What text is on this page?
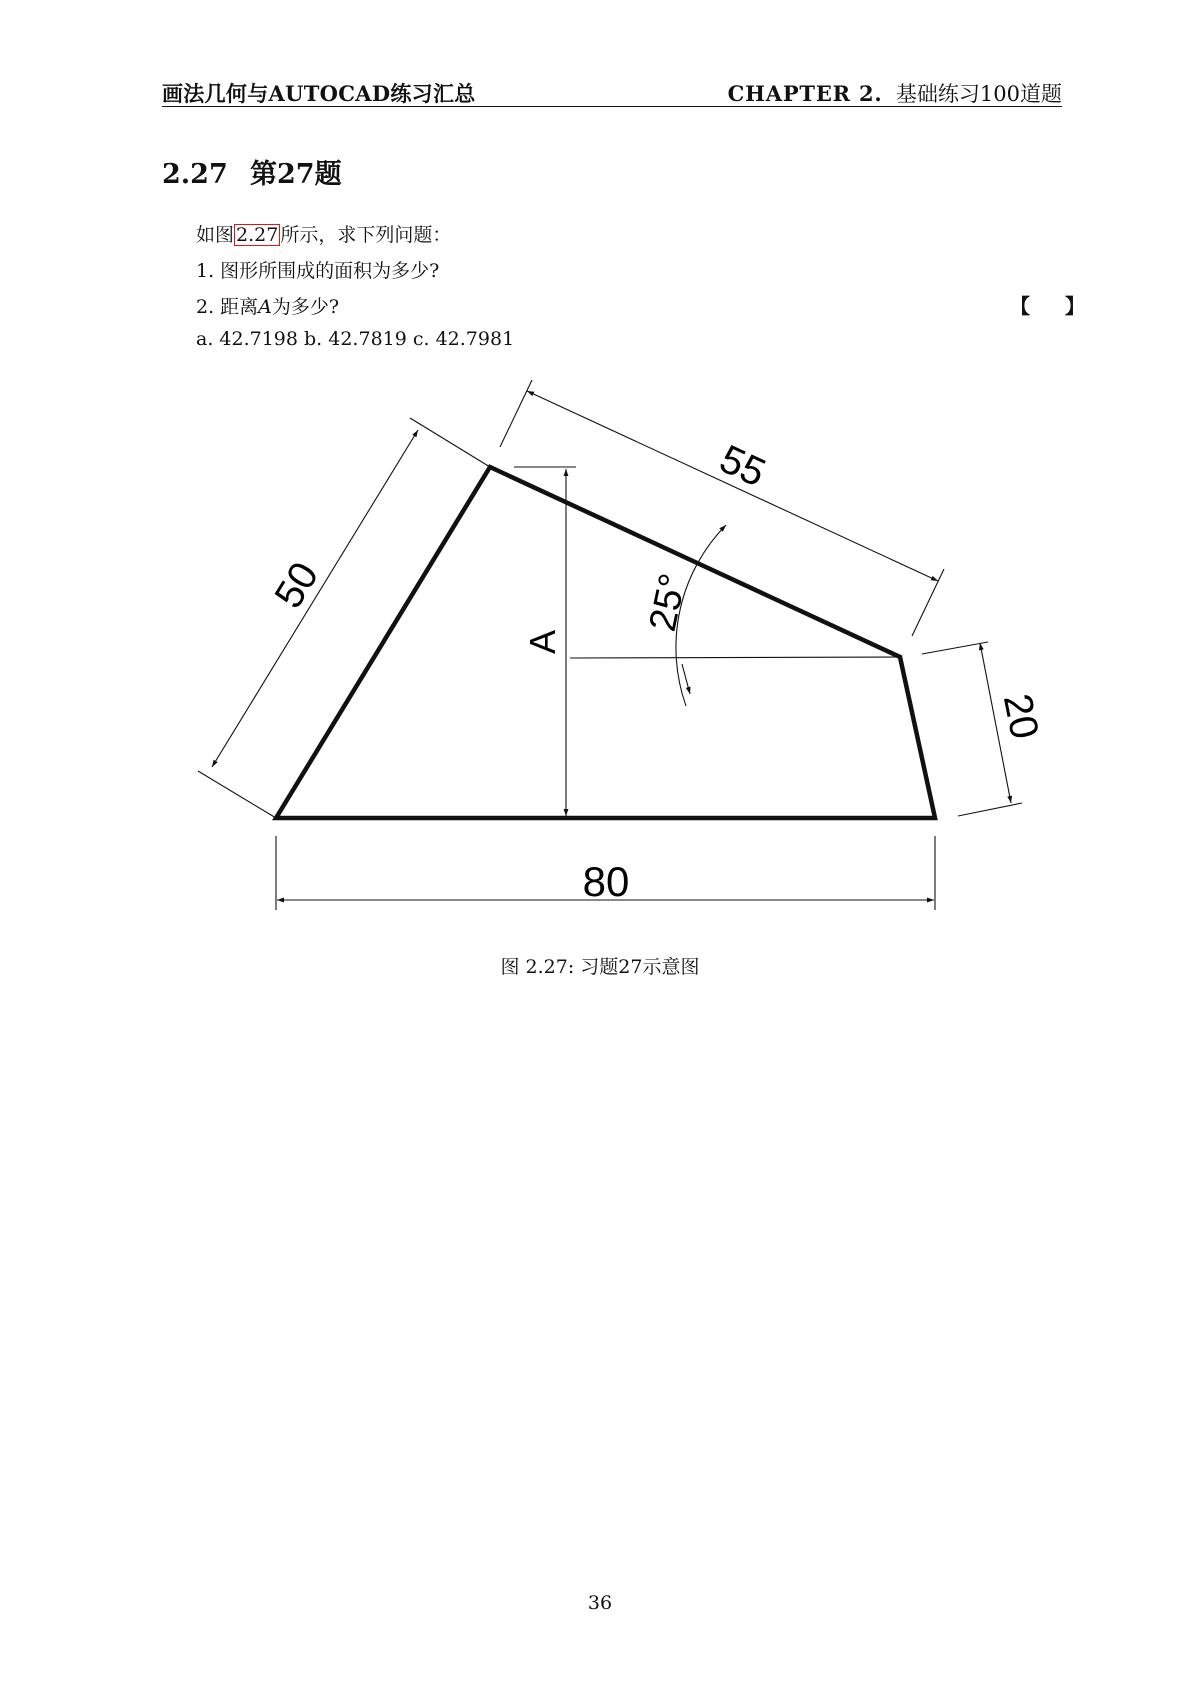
画法几何与AUTOCAD练习汇总	CHAPTER 2. 基础练习100道题
2.27 第27题
如图 2.27 所示，求下列问题：
1. 图形所围成的面积为多少?
2. 距离A为多少?	【 】
a. 42.7198 b. 42.7819 c. 42.7981
50
55
20
80
A
25°
图 2.27: 习题27示意图
36
